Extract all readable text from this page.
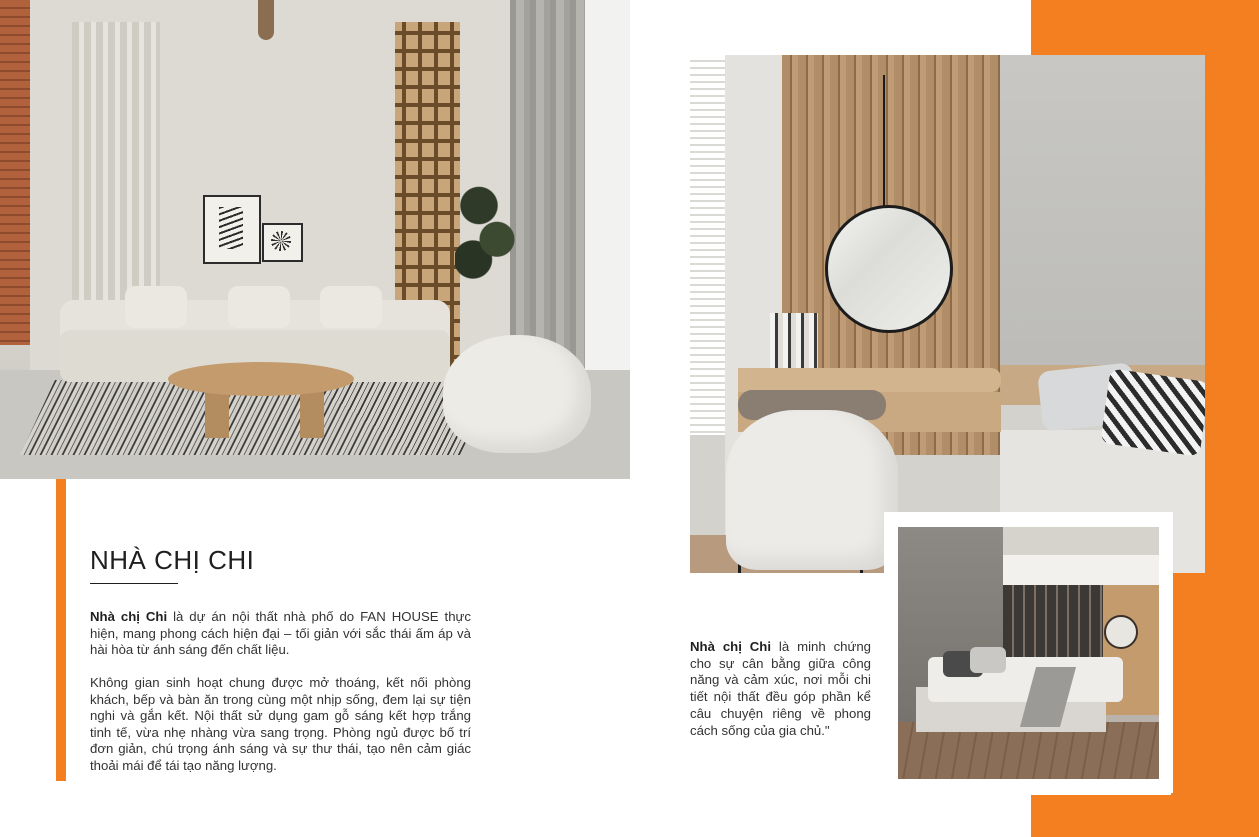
NHÀ CHỊ CHI

Nhà chị Chi là dự án nội thất nhà phố do FAN HOUSE thực hiện, mang phong cách hiện đại – tối giản với sắc thái ấm áp và hài hòa từ ánh sáng đến chất liệu.

Không gian sinh hoạt chung được mở thoáng, kết nối phòng khách, bếp và bàn ăn trong cùng một nhịp sống, đem lại sự tiện nghi và gắn kết. Nội thất sử dụng gam gỗ sáng kết hợp trắng tinh tế, vừa nhẹ nhàng vừa sang trọng. Phòng ngủ được bố trí đơn giản, chú trọng ánh sáng và sự thư thái, tạo nên cảm giác thoải mái để tái tạo năng lượng.

Nhà chị Chi là minh chứng cho sự cân bằng giữa công năng và cảm xúc, nơi mỗi chi tiết nội thất đều góp phần kể câu chuyện riêng về phong cách sống của gia chủ."
